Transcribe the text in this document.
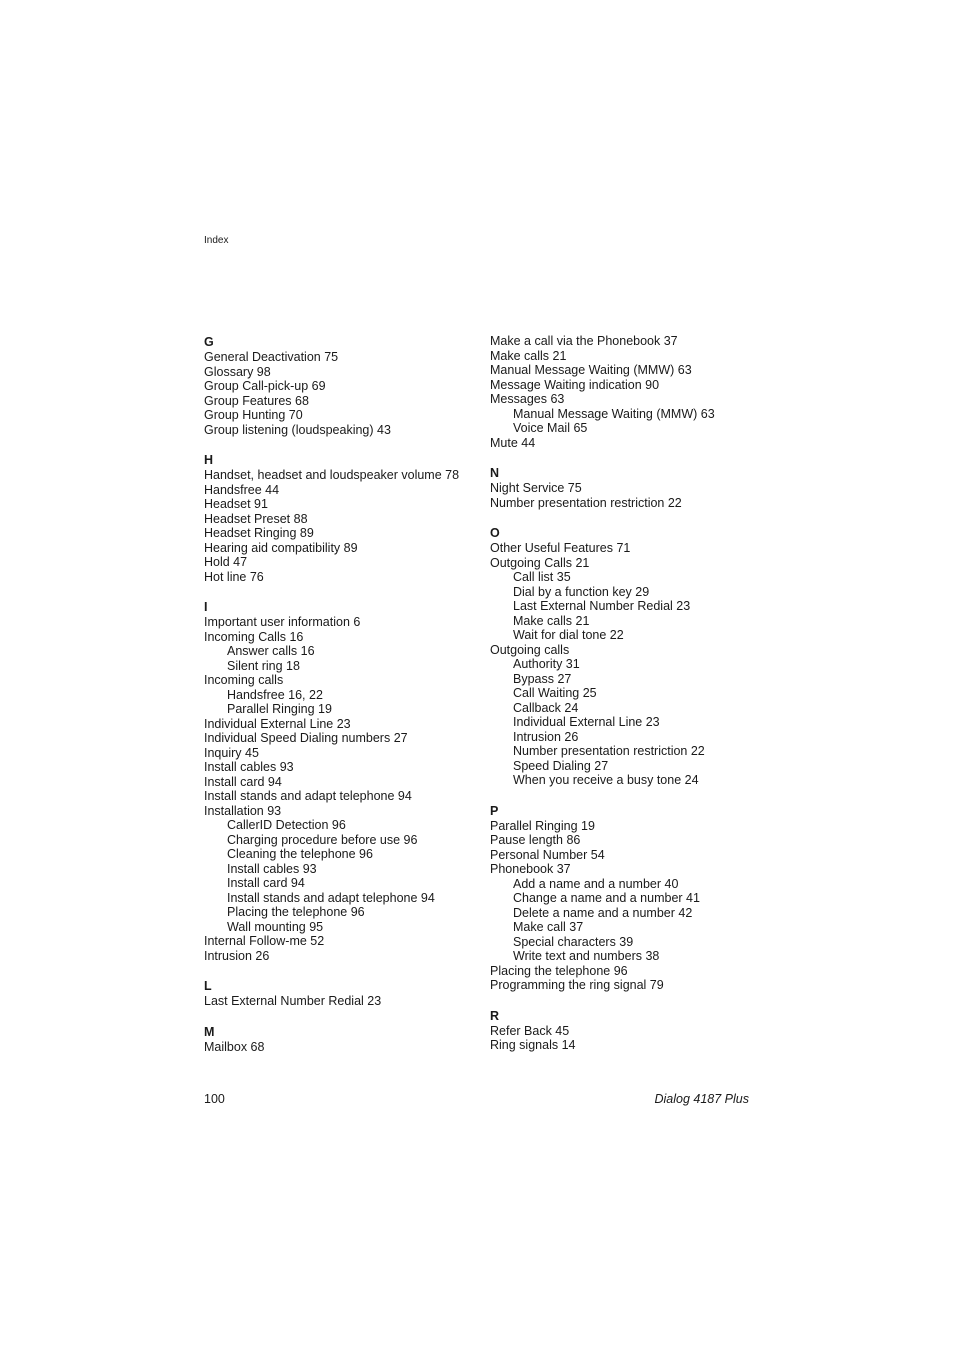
Index
G
General Deactivation 75
Glossary 98
Group Call-pick-up 69
Group Features 68
Group Hunting 70
Group listening (loudspeaking) 43
H
Handset, headset and loudspeaker volume 78
Handsfree 44
Headset 91
Headset Preset 88
Headset Ringing 89
Hearing aid compatibility 89
Hold 47
Hot line 76
I
Important user information 6
Incoming Calls 16
Answer calls 16
Silent ring 18
Incoming calls
Handsfree 16, 22
Parallel Ringing 19
Individual External Line 23
Individual Speed Dialing numbers 27
Inquiry 45
Install cables 93
Install card 94
Install stands and adapt telephone 94
Installation 93
CallerID Detection 96
Charging procedure before use 96
Cleaning the telephone 96
Install cables 93
Install card 94
Install stands and adapt telephone 94
Placing the telephone 96
Wall mounting 95
Internal Follow-me 52
Intrusion 26
L
Last External Number Redial 23
M
Mailbox 68
Make a call via the Phonebook 37
Make calls 21
Manual Message Waiting (MMW) 63
Message Waiting indication 90
Messages 63
Manual Message Waiting (MMW) 63
Voice Mail 65
Mute 44
N
Night Service 75
Number presentation restriction 22
O
Other Useful Features 71
Outgoing Calls 21
Call list 35
Dial by a function key 29
Last External Number Redial 23
Make calls 21
Wait for dial tone 22
Outgoing calls
Authority 31
Bypass 27
Call Waiting 25
Callback 24
Individual External Line 23
Intrusion 26
Number presentation restriction 22
Speed Dialing 27
When you receive a busy tone 24
P
Parallel Ringing 19
Pause length 86
Personal Number 54
Phonebook 37
Add a name and a number 40
Change a name and a number 41
Delete a name and a number 42
Make call 37
Special characters 39
Write text and numbers 38
Placing the telephone 96
Programming the ring signal 79
R
Refer Back 45
Ring signals 14
100	Dialog 4187 Plus
